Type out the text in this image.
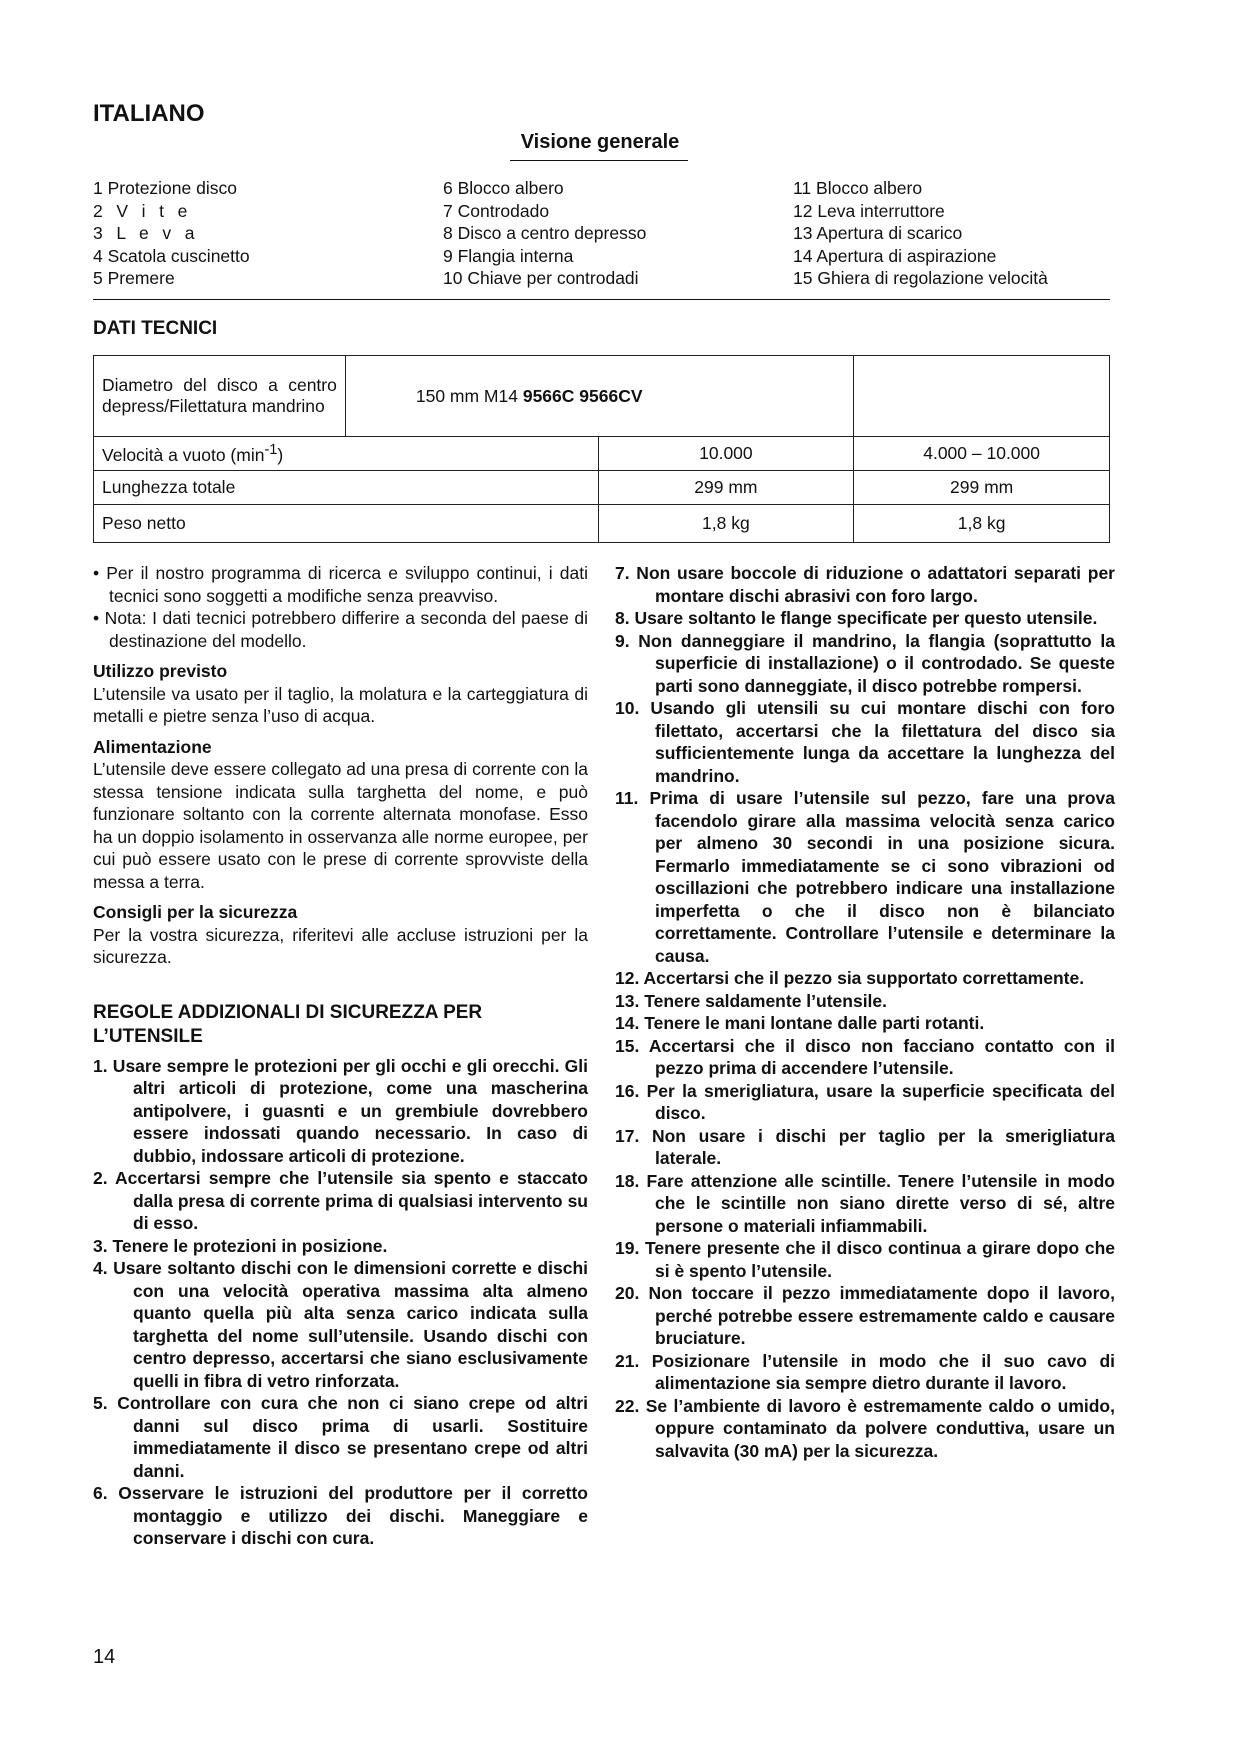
ITALIANO
Visione generale
1 Protezione disco
2 V i t e
3 L e v a
4 Scatola cuscinetto
5 Premere
6 Blocco albero
7 Controdado
8 Disco a centro depresso
9 Flangia interna
10 Chiave per controdadi
11 Blocco albero
12 Leva interruttore
13 Apertura di scarico
14 Apertura di aspirazione
15 Ghiera di regolazione velocità
DATI TECNICI
Diametro del disco a centro depress/Filettatura mandrino	150 mm M14 9566C 9566CV		
Velocità a vuoto $(\min^{-1})$		10.000	4.000 – 10.000
Lunghezza totale		299 mm	299 mm
Peso netto		1,8 kg	1,8 kg

• Per il nostro programma di ricerca e sviluppo continui, i dati tecnici sono soggetti a modifiche senza preavviso.

• Nota: I dati tecnici potrebbero differire a seconda del paese di destinazione del modello.

Utilizzo previsto

L’utensile va usato per il taglio, la molatura e la carteggiatura di metalli e pietre senza l’uso di acqua.

Alimentazione

L’utensile deve essere collegato ad una presa di corrente con la stessa tensione indicata sulla targhetta del nome, e può funzionare soltanto con la corrente alternata monofase. Esso ha un doppio isolamento in osservanza alle norme europee, per cui può essere usato con le prese di corrente sprovviste della messa a terra.

Consigli per la sicurezza

Per la vostra sicurezza, riferitevi alle accluse istruzioni per la sicurezza.

REGOLE ADDIZIONALI DI SICUREZZA PER L’UTENSILE

1. Usare sempre le protezioni per gli occhi e gli orecchi. Gli altri articoli di protezione, come una mascherina antipolvere, i guasnti e un grembiule dovrebbero essere indossati quando necessario. In caso di dubbio, indossare articoli di protezione.

2. Accertarsi sempre che l’utensile sia spento e staccato dalla presa di corrente prima di qualsiasi intervento su di esso.

3. Tenere le protezioni in posizione.

4. Usare soltanto dischi con le dimensioni corrette e dischi con una velocità operativa massima alta almeno quanto quella più alta senza carico indicata sulla targhetta del nome sull’utensile. Usando dischi con centro depresso, accertarsi che siano esclusivamente quelli in fibra di vetro rinforzata.

5. Controllare con cura che non ci siano crepe od altri danni sul disco prima di usarli. Sostituire immediatamente il disco se presentano crepe od altri danni.

6. Osservare le istruzioni del produttore per il corretto montaggio e utilizzo dei dischi. Maneggiare e conservare i dischi con cura.

7. Non usare boccole di riduzione o adattatori separati per montare dischi abrasivi con foro largo.

8. Usare soltanto le flange specificate per questo utensile.

9. Non danneggiare il mandrino, la flangia (soprattutto la superficie di installazione) o il controdado. Se queste parti sono danneggiate, il disco potrebbe rompersi.

10. Usando gli utensili su cui montare dischi con foro filettato, accertarsi che la filettatura del disco sia sufficientemente lunga da accettare la lunghezza del mandrino.

11. Prima di usare l’utensile sul pezzo, fare una prova facendolo girare alla massima velocità senza carico per almeno 30 secondi in una posizione sicura. Fermarlo immediatamente se ci sono vibrazioni od oscillazioni che potrebbero indicare una installazione imperfetta o che il disco non è bilanciato correttamente. Controllare l’utensile e determinare la causa.

12. Accertarsi che il pezzo sia supportato correttamente.

13. Tenere saldamente l’utensile.

14. Tenere le mani lontane dalle parti rotanti.

15. Accertarsi che il disco non facciano contatto con il pezzo prima di accendere l’utensile.

16. Per la smerigliatura, usare la superficie specificata del disco.

17. Non usare i dischi per taglio per la smerigliatura laterale.

18. Fare attenzione alle scintille. Tenere l’utensile in modo che le scintille non siano dirette verso di sé, altre persone o materiali infiammabili.

19. Tenere presente che il disco continua a girare dopo che si è spento l’utensile.

20. Non toccare il pezzo immediatamente dopo il lavoro, perché potrebbe essere estremamente caldo e causare bruciature.

21. Posizionare l’utensile in modo che il suo cavo di alimentazione sia sempre dietro durante il lavoro.

22. Se l’ambiente di lavoro è estremamente caldo o umido, oppure contaminato da polvere conduttiva, usare un salvavita (30 mA) per la sicurezza.

14
